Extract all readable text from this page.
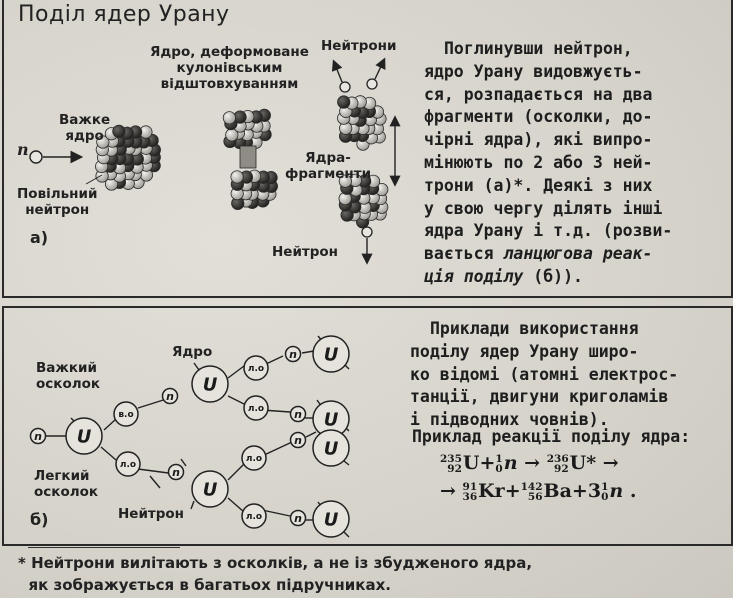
Поділ ядер Урану
Ядро, деформоване
кулонівським
відштовхуванням
Нейтрони
Важке
ядро
n
Повільний
нейтрон
Ядра-
фрагменти
Нейтрон
а)
Поглинувши нейтрон,
ядро Урану видовжуєть-
ся, розпадається на два
фрагменти (осколки, до-
чірні ядра), які випро-
мінюють по 2 або 3 ней-
трони (а)*. Деякі з них
у свою чергу ділять інші
ядра Урану і т.д. (розви-
вається ланцюгова реак-
ція поділу (б)).
n U
в.о
л.о
n
U
n
U
л.о
л.о
n U
n U
л.о
л.о
n U
n U
Важкий
осколок
Ядро
Легкий
осколок
Нейтрон
б)
Приклади використання
поділу ядер Урану широ-
ко відомі (атомні електрос-
танції, двигуни криголамів
і підводних човнів).
Приклад реакції поділу ядра:
235
92 U+ 1
0 n → 236
92 U* →
→ 91
36 Kr+ 142
56 Ba+3 1
0 n .
* Нейтрони вилітають з осколків, а не із збудженого ядра,
як зображується в багатьох підручниках.
